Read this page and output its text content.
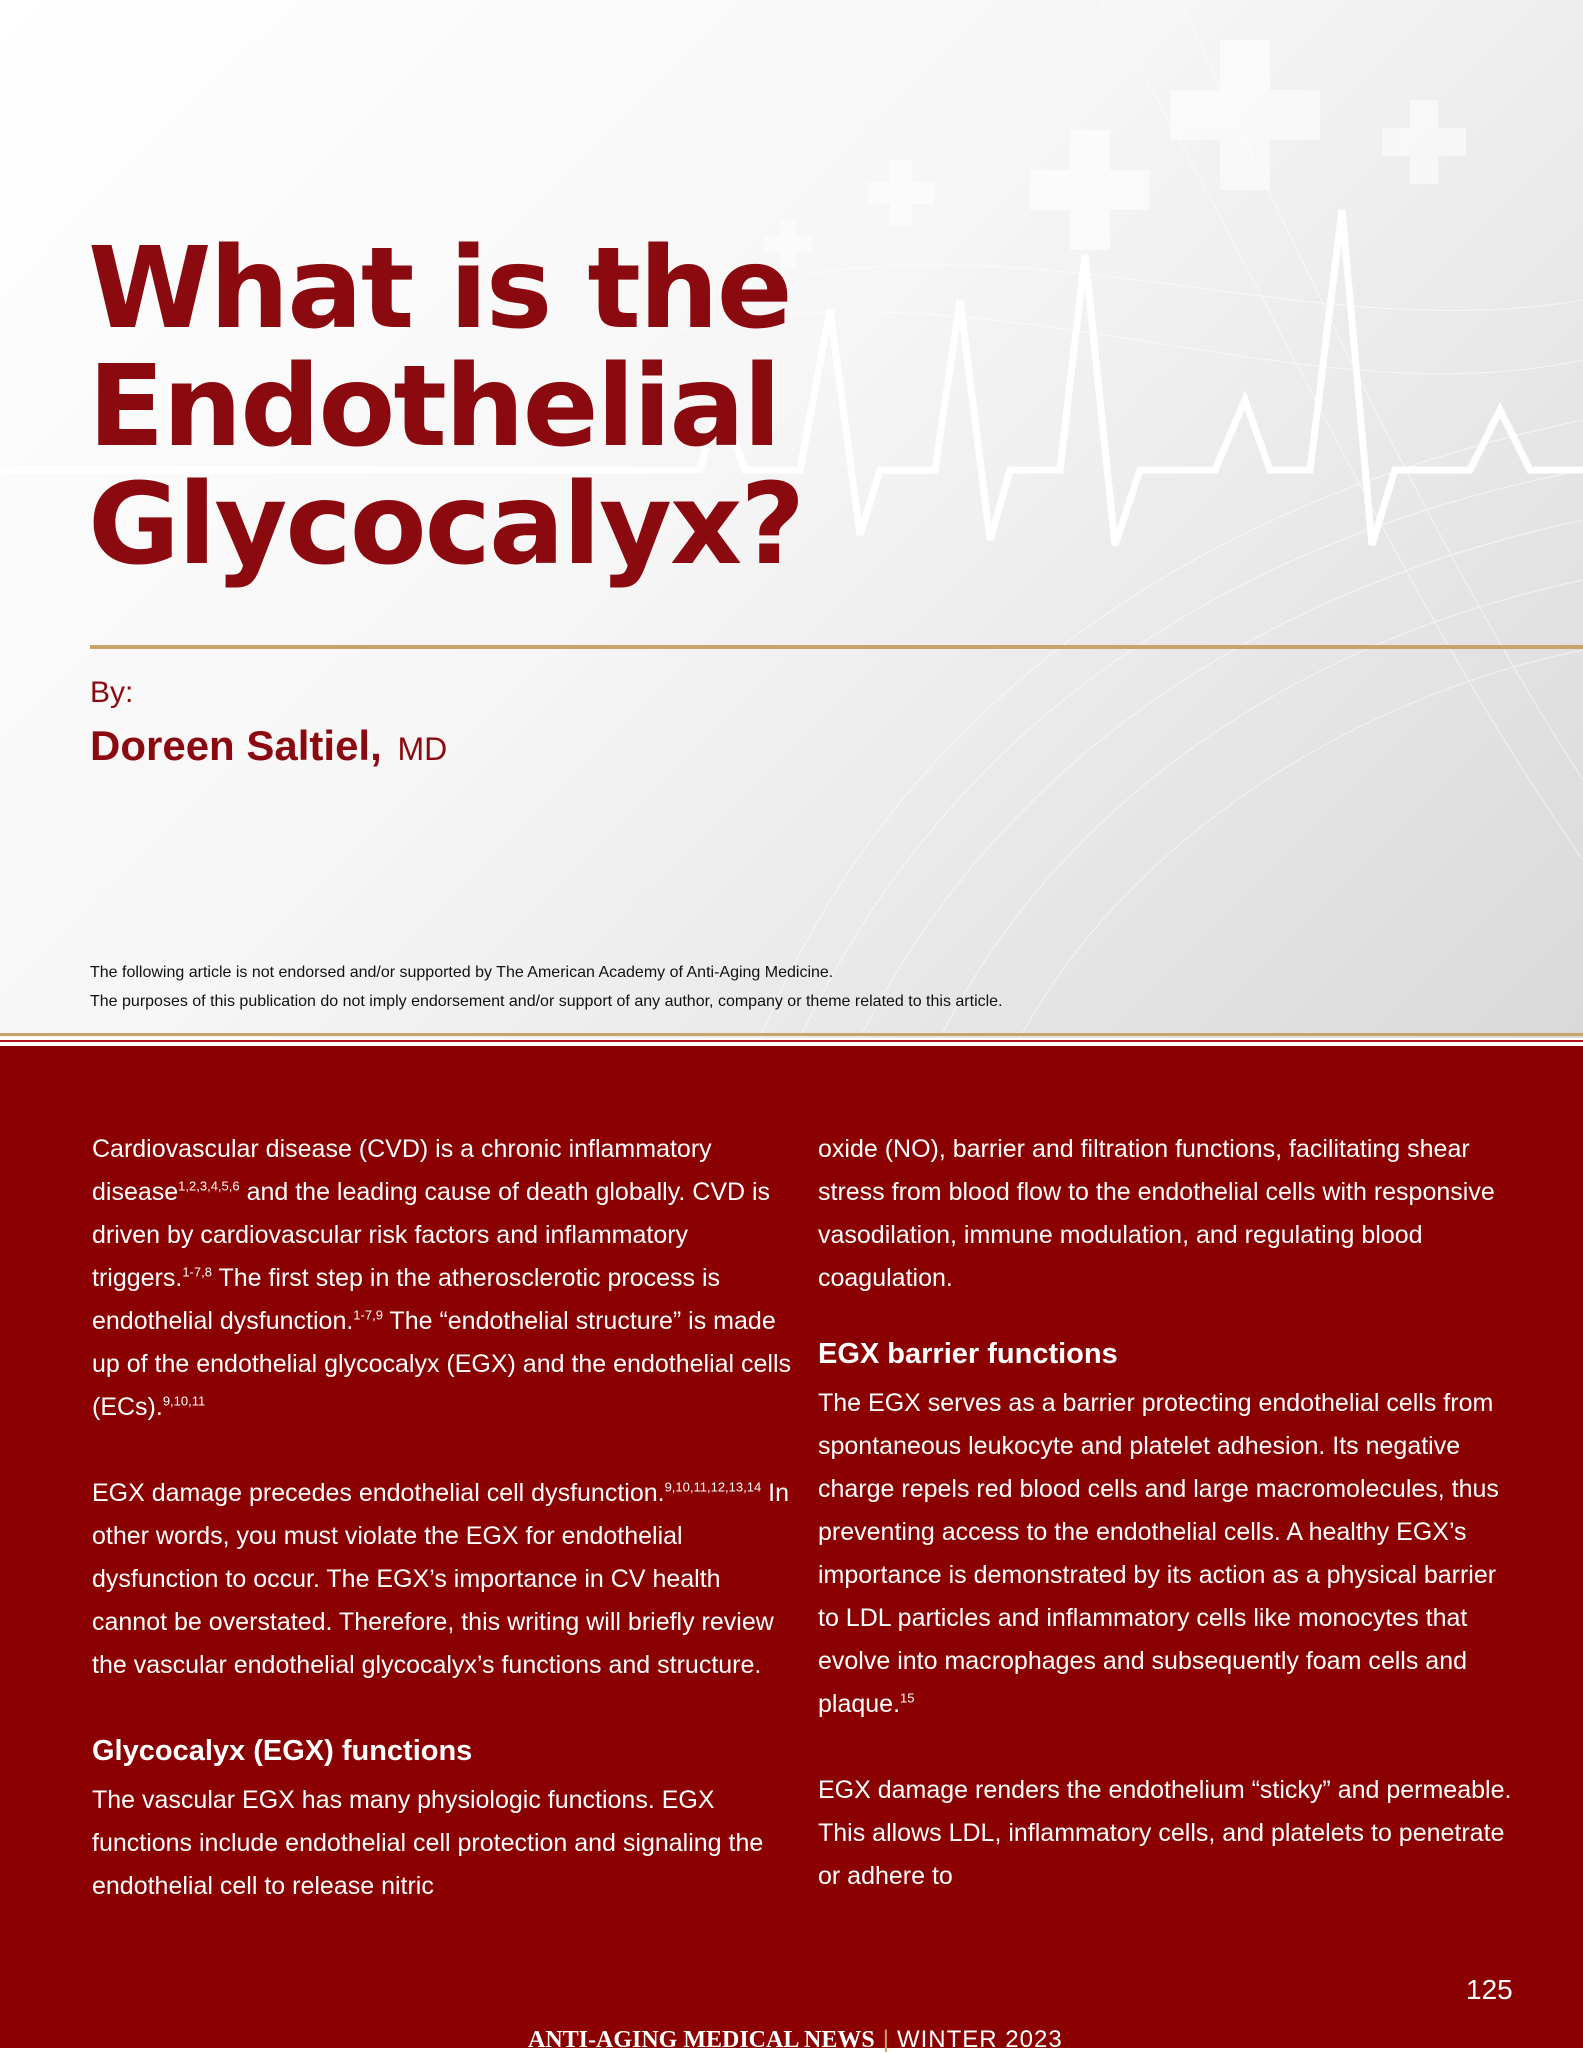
What is the
Endothelial
Glycocalyx?
By:
Doreen Saltiel, MD
The following article is not endorsed and/or supported by The American Academy of Anti-Aging Medicine.
The purposes of this publication do not imply endorsement and/or support of any author, company or theme related to this article.

Cardiovascular disease (CVD) is a chronic inflammatory disease$^{1,2,3,4,5,6}$ and the leading cause of death globally. CVD is driven by cardiovascular risk factors and inflammatory triggers.$^{1-7,8}$ The first step in the atherosclerotic process is endothelial dysfunction.$^{1-7,9}$ The “endothelial structure” is made up of the endothelial glycocalyx (EGX) and the endothelial cells (ECs).$^{9,10,11}$

EGX damage precedes endothelial cell dysfunction.$^{9,10,11,12,13,14}$ In other words, you must violate the EGX for endothelial dysfunction to occur. The EGX’s importance in CV health cannot be overstated. Therefore, this writing will briefly review the vascular endothelial glycocalyx’s functions and structure.

Glycocalyx (EGX) functions

The vascular EGX has many physiologic functions. EGX functions include endothelial cell protection and signaling the endothelial cell to release nitric

oxide (NO), barrier and filtration functions, facilitating shear stress from blood flow to the endothelial cells with responsive vasodilation, immune modulation, and regulating blood coagulation.

EGX barrier functions

The EGX serves as a barrier protecting endothelial cells from spontaneous leukocyte and platelet adhesion. Its negative charge repels red blood cells and large macromolecules, thus preventing access to the endothelial cells. A healthy EGX’s importance is demonstrated by its action as a physical barrier to LDL particles and inflammatory cells like monocytes that evolve into macrophages and subsequently foam cells and plaque.$^{15}$

EGX damage renders the endothelium “sticky” and permeable. This allows LDL, inflammatory cells, and platelets to penetrate or adhere to

ANTI-AGING MEDICAL NEWS | WINTER 2023
125
